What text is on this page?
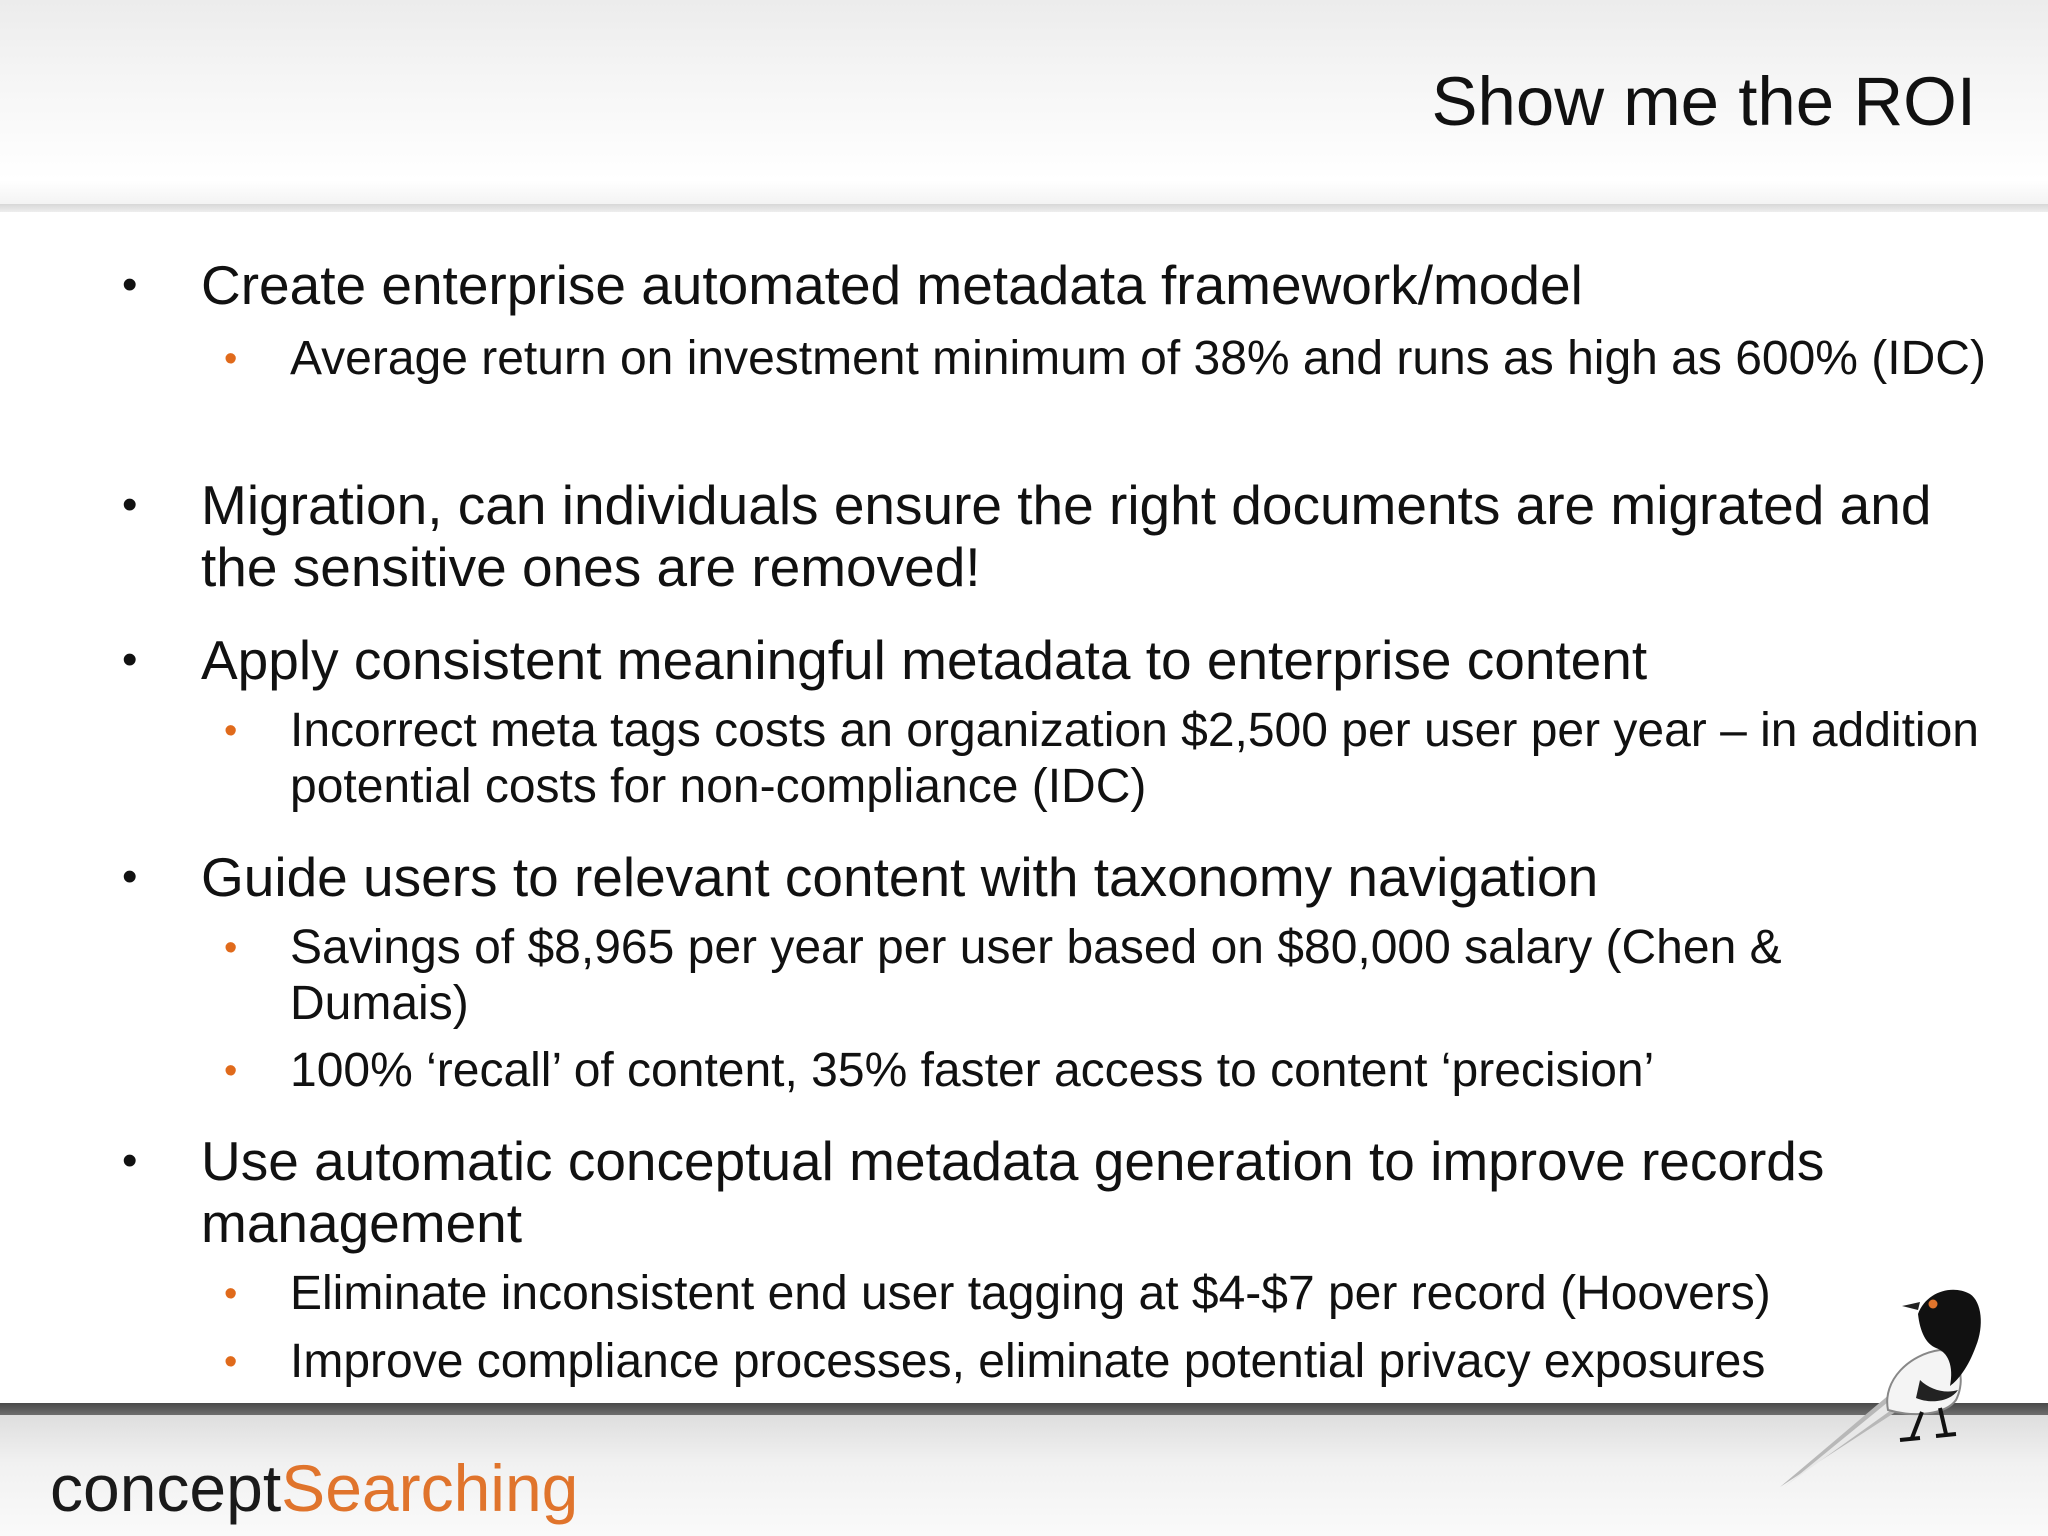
Show me the ROI
• Create enterprise automated metadata framework/model
• Average return on investment minimum of 38% and runs as high as 600% (IDC)
• Migration, can individuals ensure the right documents are migrated and the sensitive ones are removed!
• Apply consistent meaningful metadata to enterprise content
• Incorrect meta tags costs an organization $2,500 per user per year – in addition potential costs for non-compliance (IDC)
• Guide users to relevant content with taxonomy navigation
• Savings of $8,965 per year per user based on $80,000 salary (Chen & Dumais)
• 100% ‘recall’ of content, 35% faster access to content ‘precision’
• Use automatic conceptual metadata generation to improve records management
• Eliminate inconsistent end user tagging at $4-$7 per record (Hoovers)
• Improve compliance processes, eliminate potential privacy exposures
conceptSearching
